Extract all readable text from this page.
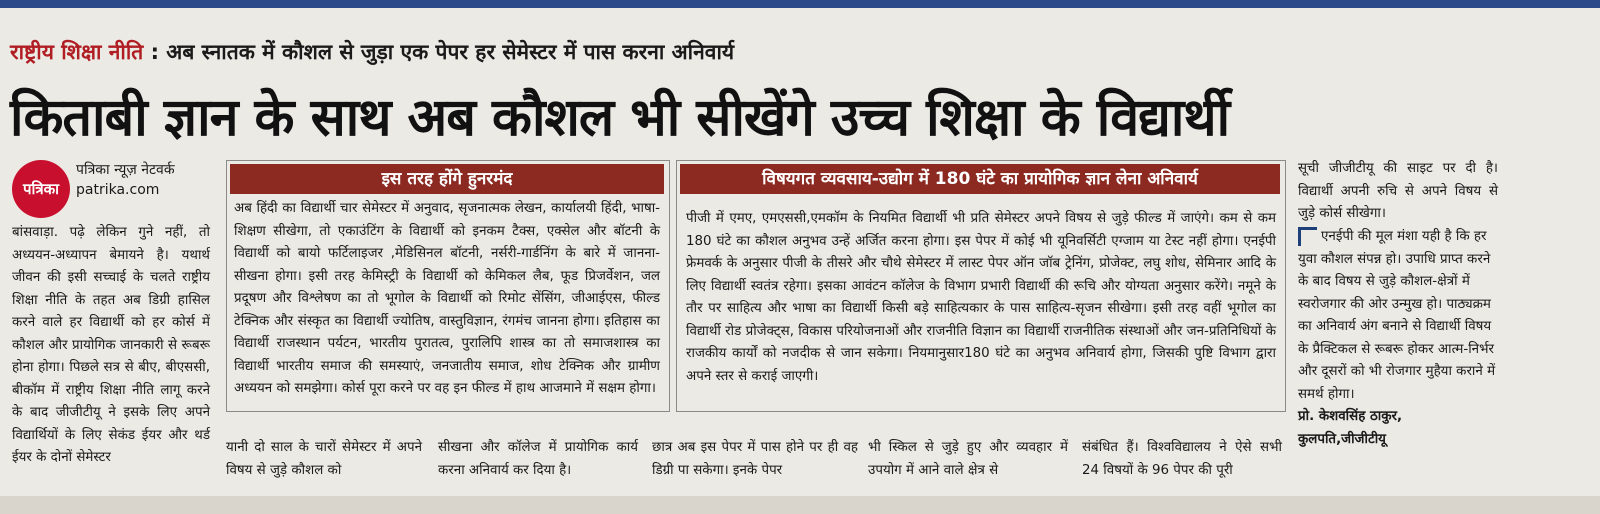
राष्ट्रीय शिक्षा नीति : अब स्नातक में कौशल से जुड़ा एक पेपर हर सेमेस्टर में पास करना अनिवार्य
किताबी ज्ञान के साथ अब कौशल भी सीखेंगे उच्च शिक्षा के विद्यार्थी
पत्रिका
पत्रिका न्यूज़ नेटवर्क
patrika.com
बांसवाड़ा. पढ़े लेकिन गुने नहीं, तो अध्ययन-अध्यापन बेमायने है। यथार्थ जीवन की इसी सच्चाई के चलते राष्ट्रीय शिक्षा नीति के तहत अब डिग्री हासिल करने वाले हर विद्यार्थी को हर कोर्स में कौशल और प्रायोगिक जानकारी से रूबरू होना होगा। पिछले सत्र से बीए, बीएससी, बीकॉम में राष्ट्रीय शिक्षा नीति लागू करने के बाद जीजीटीयू ने इसके लिए अपने विद्यार्थियों के लिए सेकंड ईयर और थर्ड ईयर के दोनों सेमेस्टर
इस तरह होंगे हुनरमंद
अब हिंदी का विद्यार्थी चार सेमेस्टर में अनुवाद, सृजनात्मक लेखन, कार्यालयी हिंदी, भाषा-शिक्षण सीखेगा, तो एकाउंटिंग के विद्यार्थी को इनकम टैक्स, एक्सेल और बॉटनी के विद्यार्थी को बायो फर्टिलाइजर ,मेडिसिनल बॉटनी, नर्सरी-गार्डनिंग के बारे में जानना-सीखना होगा। इसी तरह केमिस्ट्री के विद्यार्थी को केमिकल लैब, फूड प्रिजर्वेशन, जल प्रदूषण और विश्लेषण का तो भूगोल के विद्यार्थी को रिमोट सेंसिंग, जीआईएस, फील्ड टेक्निक और संस्कृत का विद्यार्थी ज्योतिष, वास्तुविज्ञान, रंगमंच जानना होगा। इतिहास का विद्यार्थी राजस्थान पर्यटन, भारतीय पुरातत्व, पुरालिपि शास्त्र का तो समाजशास्त्र का विद्यार्थी भारतीय समाज की समस्याएं, जनजातीय समाज, शोध टेक्निक और ग्रामीण अध्ययन को समझेगा। कोर्स पूरा करने पर वह इन फील्ड में हाथ आजमाने में सक्षम होगा।
विषयगत व्यवसाय-उद्योग में 180 घंटे का प्रायोगिक ज्ञान लेना अनिवार्य
पीजी में एमए, एमएससी,एमकॉम के नियमित विद्यार्थी भी प्रति सेमेस्टर अपने विषय से जुड़े फील्ड में जाएंगे। कम से कम 180 घंटे का कौशल अनुभव उन्हें अर्जित करना होगा। इस पेपर में कोई भी यूनिवर्सिटी एग्जाम या टेस्ट नहीं होगा। एनईपी फ्रेमवर्क के अनुसार पीजी के तीसरे और चौथे सेमेस्टर में लास्ट पेपर ऑन जॉब ट्रेनिंग, प्रोजेक्ट, लघु शोध, सेमिनार आदि के लिए विद्यार्थी स्वतंत्र रहेगा। इसका आवंटन कॉलेज के विभाग प्रभारी विद्यार्थी की रूचि और योग्यता अनुसार करेंगे। नमूने के तौर पर साहित्य और भाषा का विद्यार्थी किसी बड़े साहित्यकार के पास साहित्य-सृजन सीखेगा। इसी तरह वहीं भूगोल का विद्यार्थी रोड प्रोजेक्ट्स, विकास परियोजनाओं और राजनीति विज्ञान का विद्यार्थी राजनीतिक संस्थाओं और जन-प्रतिनिधियों के राजकीय कार्यों को नजदीक से जान सकेगा। नियमानुसार180 घंटे का अनुभव अनिवार्य होगा, जिसकी पुष्टि विभाग द्वारा अपने स्तर से कराई जाएगी।
यानी दो साल के चारों सेमेस्टर में अपने विषय से जुड़े कौशल को
सीखना और कॉलेज में प्रायोगिक कार्य करना अनिवार्य कर दिया है।
छात्र अब इस पेपर में पास होने पर ही वह डिग्री पा सकेगा। इनके पेपर
भी स्किल से जुड़े हुए और व्यवहार में उपयोग में आने वाले क्षेत्र से
संबंधित हैं। विश्वविद्यालय ने ऐसे सभी 24 विषयों के 96 पेपर की पूरी
सूची जीजीटीयू की साइट पर दी है। विद्यार्थी अपनी रुचि से अपने विषय से जुड़े कोर्स सीखेगा।
एनईपी की मूल मंशा यही है कि हर युवा कौशल संपन्न हो। उपाधि प्राप्त करने के बाद विषय से जुड़े कौशल-क्षेत्रों में स्वरोजगार की ओर उन्मुख हो। पाठ्यक्रम का अनिवार्य अंग बनाने से विद्यार्थी विषय के प्रैक्टिकल से रूबरू होकर आत्म-निर्भर और दूसरों को भी रोजगार मुहैया कराने में समर्थ होगा।
प्रो. केशवसिंह ठाकुर,
कुलपति,जीजीटीयू
